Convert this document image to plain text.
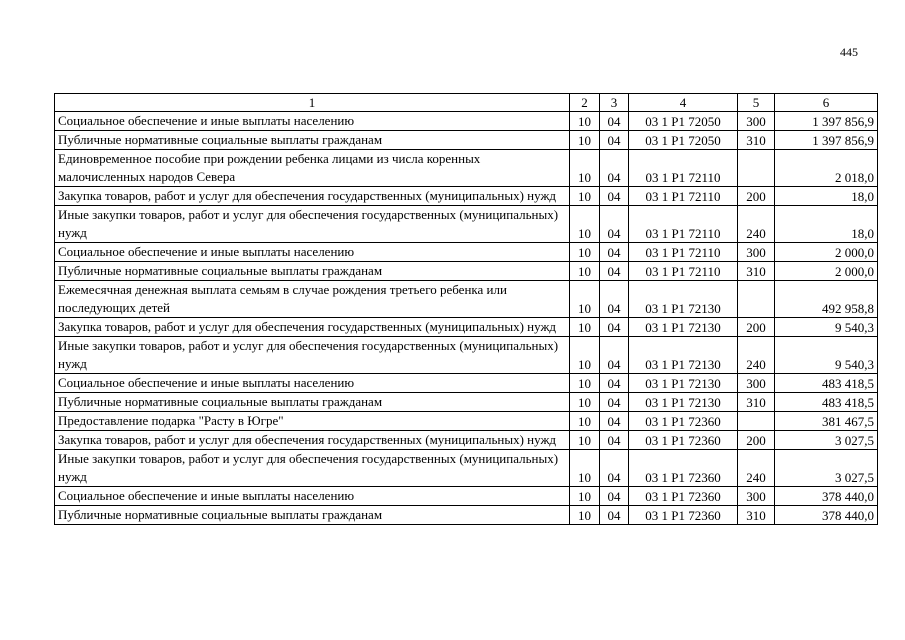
445
1	2	3	4	5	6
Социальное обеспечение и иные выплаты населению	10	04	03 1 Р1 72050	300	1 397 856,9
Публичные нормативные социальные выплаты гражданам	10	04	03 1 Р1 72050	310	1 397 856,9
Единовременное пособие при рождении ребенка лицами из числа коренных малочисленных народов Севера	10	04	03 1 Р1 72110		2 018,0
Закупка товаров, работ и услуг для обеспечения государственных (муниципальных) нужд	10	04	03 1 Р1 72110	200	18,0
Иные закупки товаров, работ и услуг для обеспечения государственных (муниципальных) нужд	10	04	03 1 Р1 72110	240	18,0
Социальное обеспечение и иные выплаты населению	10	04	03 1 Р1 72110	300	2 000,0
Публичные нормативные социальные выплаты гражданам	10	04	03 1 Р1 72110	310	2 000,0
Ежемесячная денежная выплата семьям в случае рождения третьего ребенка или последующих детей	10	04	03 1 Р1 72130		492 958,8
Закупка товаров, работ и услуг для обеспечения государственных (муниципальных) нужд	10	04	03 1 Р1 72130	200	9 540,3
Иные закупки товаров, работ и услуг для обеспечения государственных (муниципальных) нужд	10	04	03 1 Р1 72130	240	9 540,3
Социальное обеспечение и иные выплаты населению	10	04	03 1 Р1 72130	300	483 418,5
Публичные нормативные социальные выплаты гражданам	10	04	03 1 Р1 72130	310	483 418,5
Предоставление подарка "Расту в Югре"	10	04	03 1 Р1 72360		381 467,5
Закупка товаров, работ и услуг для обеспечения государственных (муниципальных) нужд	10	04	03 1 Р1 72360	200	3 027,5
Иные закупки товаров, работ и услуг для обеспечения государственных (муниципальных) нужд	10	04	03 1 Р1 72360	240	3 027,5
Социальное обеспечение и иные выплаты населению	10	04	03 1 Р1 72360	300	378 440,0
Публичные нормативные социальные выплаты гражданам	10	04	03 1 Р1 72360	310	378 440,0
